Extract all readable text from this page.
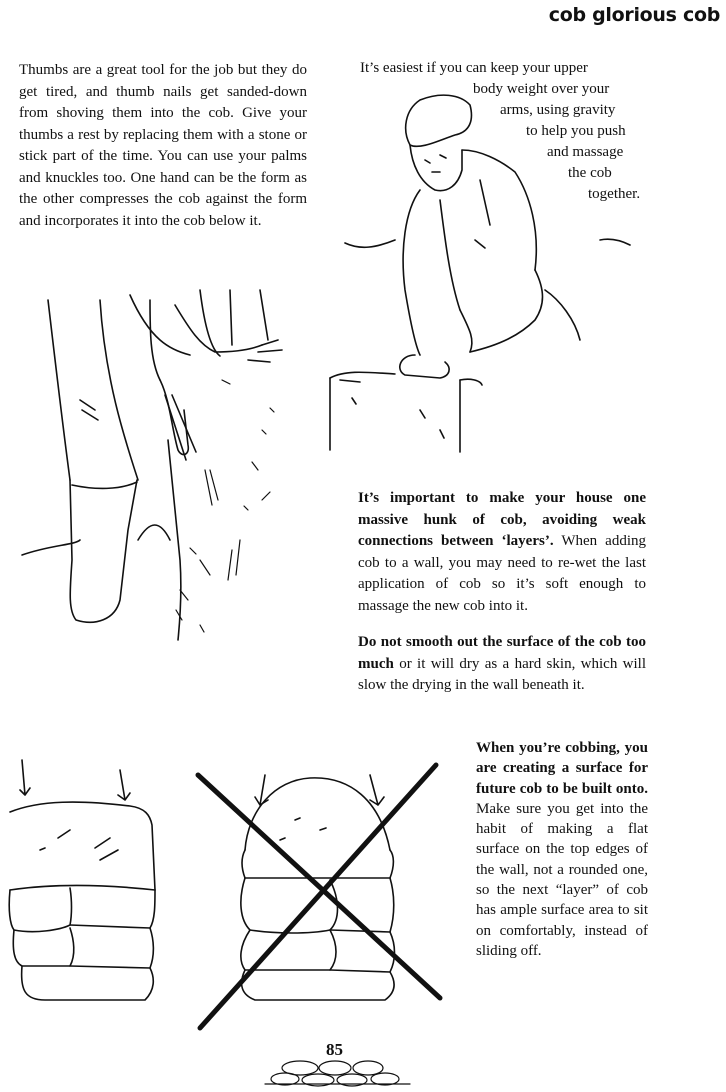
cob glorious cob
Thumbs are a great tool for the job but they do get tired, and thumb nails get sanded-down from shoving them into the cob. Give your thumbs a rest by replacing them with a stone or stick part of the time. You can use your palms and knuckles too. One hand can be the form as the other compresses the cob against the form and incorporates it into the cob below it.
It’s easiest if you can keep your upper
body weight over your
arms, using gravity
to help you push
and massage
the cob
together.
It’s important to make your house one massive hunk of cob, avoiding weak connections between ‘layers’. When adding cob to a wall, you may need to re-wet the last application of cob so it’s soft enough to massage the new cob into it.
Do not smooth out the surface of the cob too much or it will dry as a hard skin, which will slow the drying in the wall beneath it.
When you’re cobbing, you are creating a surface for future cob to be built onto. Make sure you get into the habit of making a flat surface on the top edges of the wall, not a rounded one, so the next “layer” of cob has ample surface area to sit on comfortably, instead of sliding off.
85
